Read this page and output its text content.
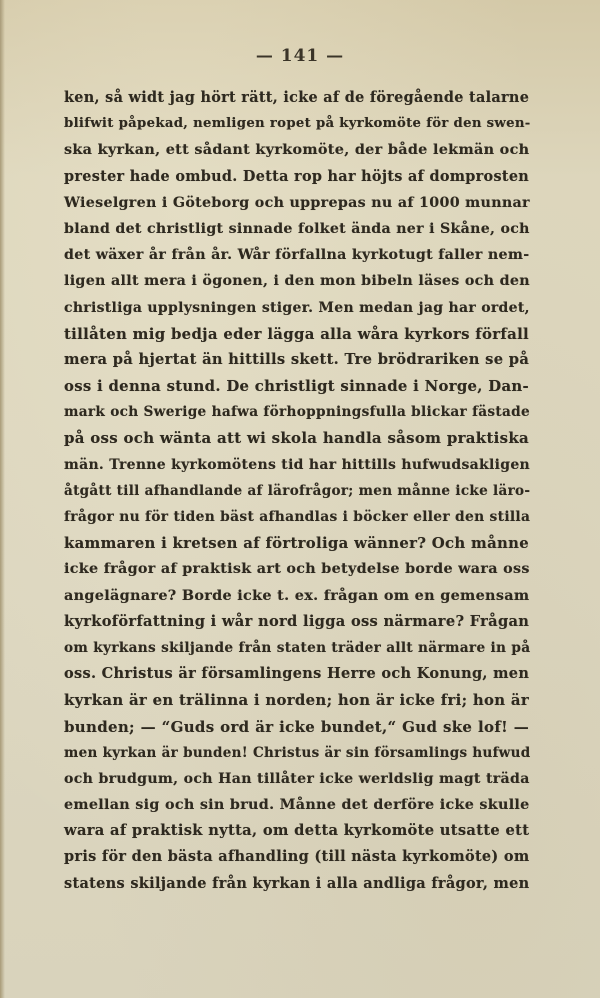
— 141 —
ken, så widt jag hört rätt, icke af de föregående talarne
blifwit påpekad, nemligen ropet på kyrkomöte för den swen-
ska kyrkan, ett sådant kyrkomöte, der både lekmän och
prester hade ombud. Detta rop har höjts af domprosten
Wieselgren i Göteborg och upprepas nu af 1000 munnar
bland det christligt sinnade folket ända ner i Skåne, och
det wäxer år från år. Wår förfallna kyrkotugt faller nem-
ligen allt mera i ögonen, i den mon bibeln läses och den
christliga upplysningen stiger. Men medan jag har ordet,
tillåten mig bedja eder lägga alla wåra kyrkors förfall
mera på hjertat än hittills skett. Tre brödrariken se på
oss i denna stund. De christligt sinnade i Norge, Dan-
mark och Swerige hafwa förhoppningsfulla blickar fästade
på oss och wänta att wi skola handla såsom praktiska
män. Trenne kyrkomötens tid har hittills hufwudsakligen
åtgått till afhandlande af lärofrågor; men månne icke läro-
frågor nu för tiden bäst afhandlas i böcker eller den stilla
kammaren i kretsen af förtroliga wänner? Och månne
icke frågor af praktisk art och betydelse borde wara oss
angelägnare? Borde icke t. ex. frågan om en gemensam
kyrkoförfattning i wår nord ligga oss närmare? Frågan
om kyrkans skiljande från staten träder allt närmare in på
oss. Christus är församlingens Herre och Konung, men
kyrkan är en trälinna i norden; hon är icke fri; hon är
bunden; — “Guds ord är icke bundet,“ Gud ske lof! —
men kyrkan är bunden! Christus är sin församlings hufwud
och brudgum, och Han tillåter icke werldslig magt träda
emellan sig och sin brud. Månne det derföre icke skulle
wara af praktisk nytta, om detta kyrkomöte utsatte ett
pris för den bästa afhandling (till nästa kyrkomöte) om
statens skiljande från kyrkan i alla andliga frågor, men
